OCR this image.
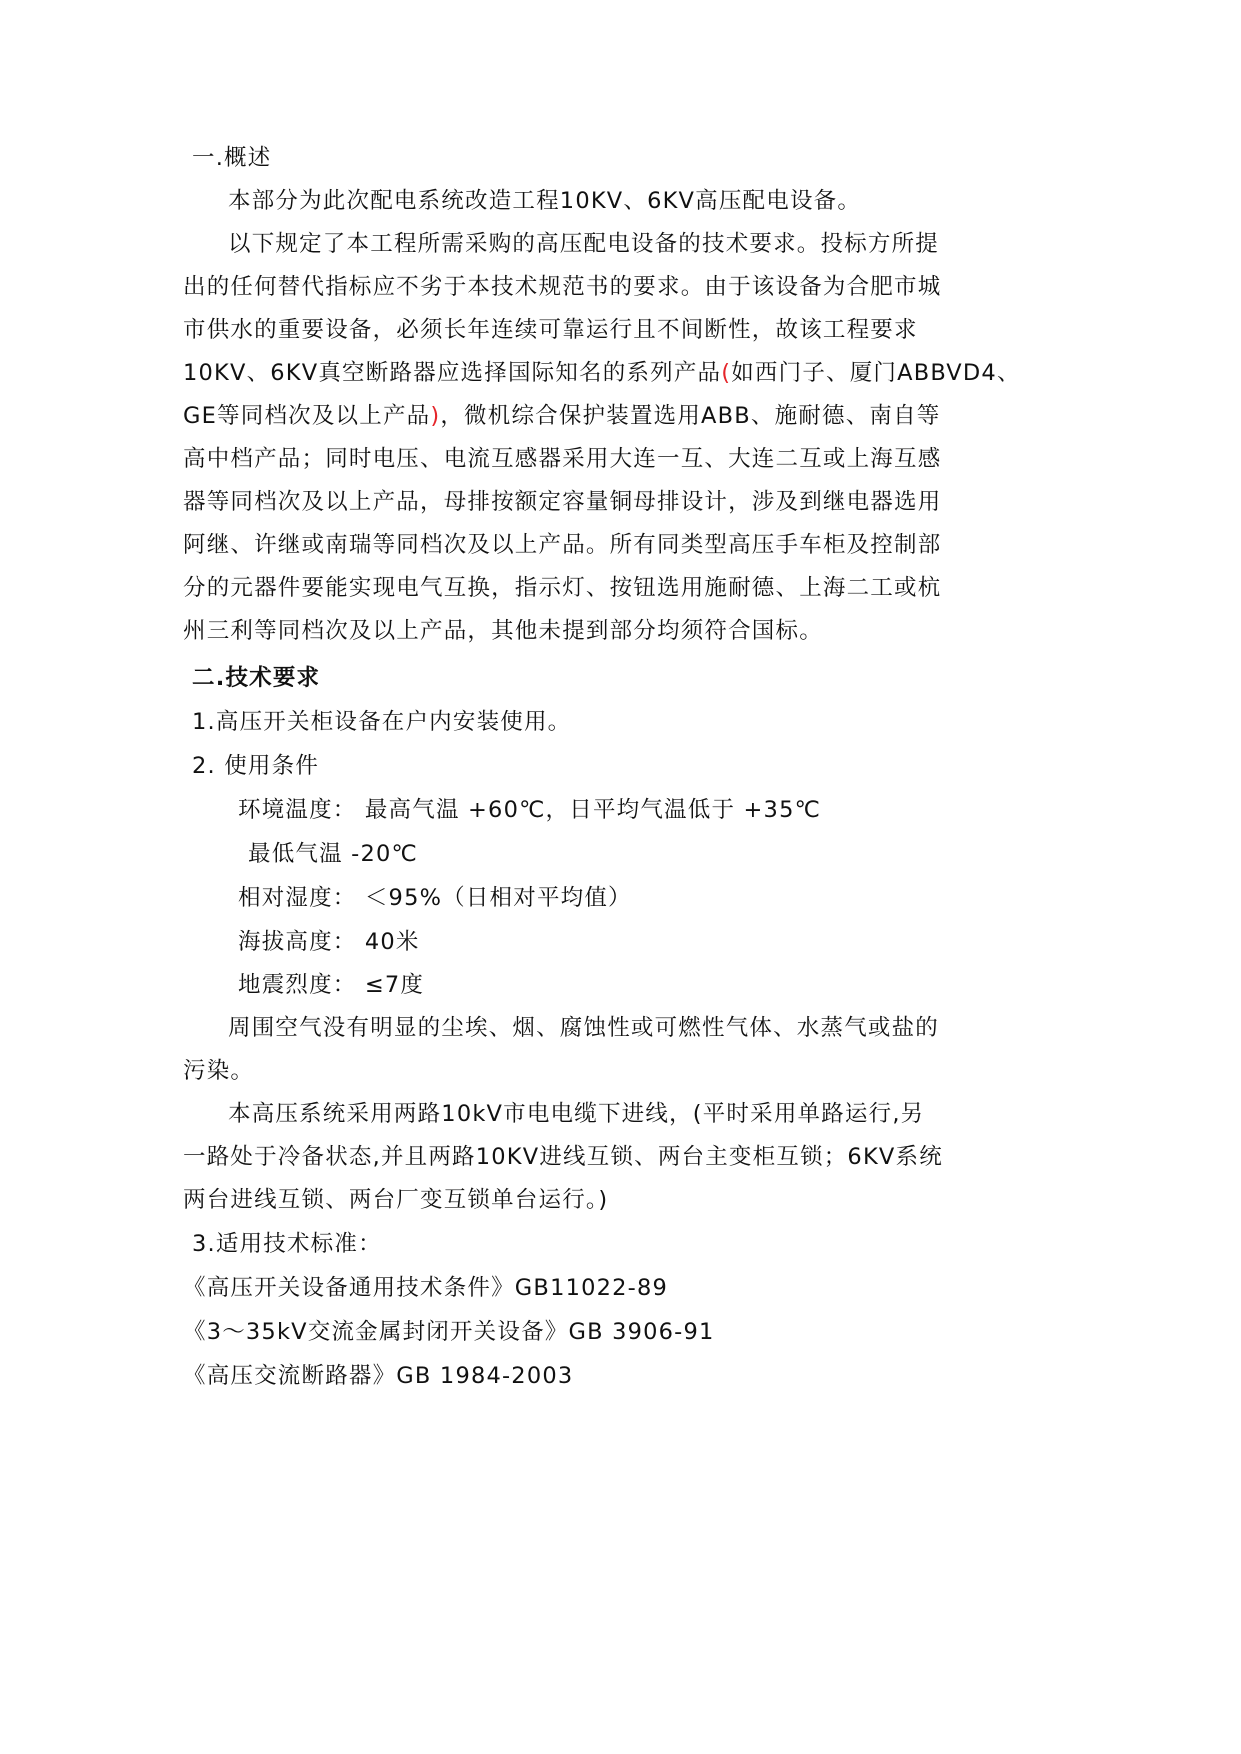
一.概述
本部分为此次配电系统改造工程10KV、6KV高压配电设备。
以下规定了本工程所需采购的高压配电设备的技术要求。投标方所提
出的任何替代指标应不劣于本技术规范书的要求。由于该设备为合肥市城
市供水的重要设备，必须长年连续可靠运行且不间断性，故该工程要求
10KV、6KV真空断路器应选择国际知名的系列产品(如西门子、厦门ABBVD4、
GE等同档次及以上产品)，微机综合保护装置选用ABB、施耐德、南自等
高中档产品；同时电压、电流互感器采用大连一互、大连二互或上海互感
器等同档次及以上产品，母排按额定容量铜母排设计，涉及到继电器选用
阿继、许继或南瑞等同档次及以上产品。所有同类型高压手车柜及控制部
分的元器件要能实现电气互换，指示灯、按钮选用施耐德、上海二工或杭
州三利等同档次及以上产品，其他未提到部分均须符合国标。
二.技术要求
1.高压开关柜设备在户内安装使用。
2. 使用条件
环境温度： 最高气温 +60℃，日平均气温低于 +35℃
最低气温 -20℃
相对湿度： ＜95%（日相对平均值）
海拔高度： 40米
地震烈度： ≤7度
周围空气没有明显的尘埃、烟、腐蚀性或可燃性气体、水蒸气或盐的
污染。
本高压系统采用两路10kV市电电缆下进线，(平时采用单路运行,另
一路处于冷备状态,并且两路10KV进线互锁、两台主变柜互锁；6KV系统
两台进线互锁、两台厂变互锁单台运行。)
3.适用技术标准：
《高压开关设备通用技术条件》GB11022-89
《3～35kV交流金属封闭开关设备》GB 3906-91
《高压交流断路器》GB 1984-2003
